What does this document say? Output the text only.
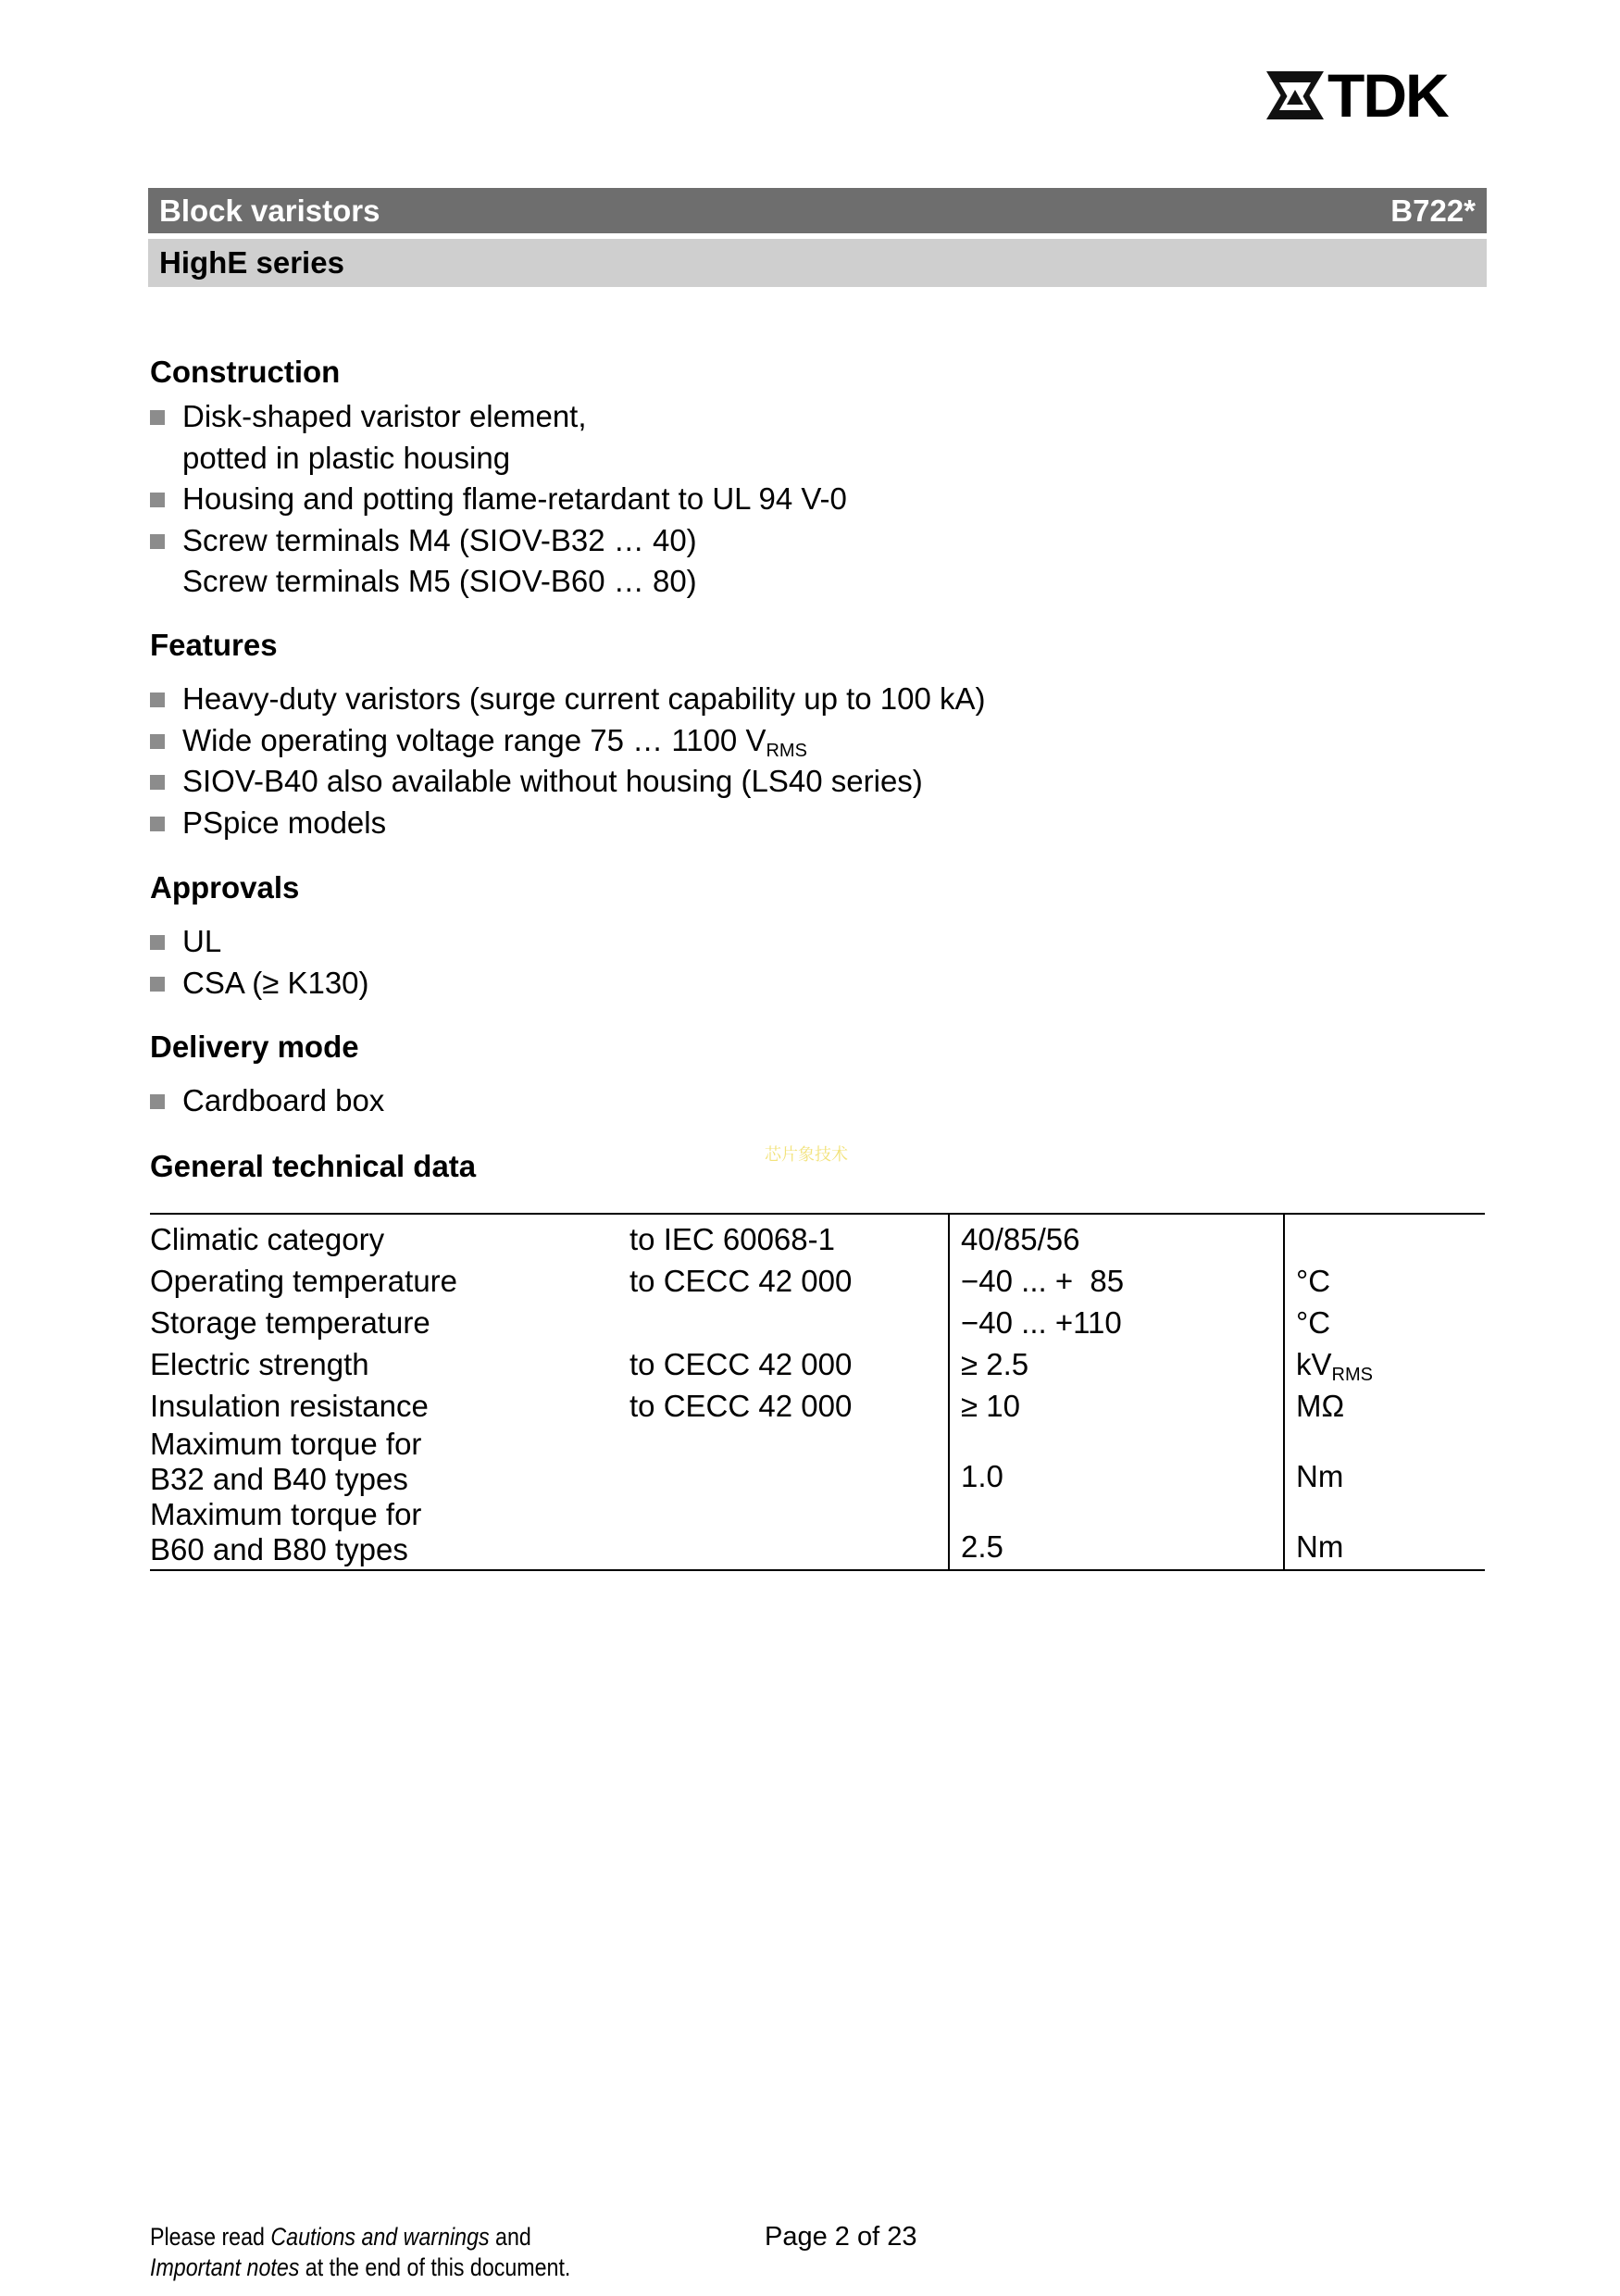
TDK
Block varistors	B722*
HighE series
Construction
Disk-shaped varistor element,
potted in plastic housing
Housing and potting flame-retardant to UL 94 V-0
Screw terminals M4 (SIOV-B32 … 40)
Screw terminals M5 (SIOV-B60 … 80)
Features
Heavy-duty varistors (surge current capability up to 100 kA)
Wide operating voltage range 75 … 1100 $V_{RMS}$
SIOV-B40 also available without housing (LS40 series)
PSpice models
Approvals
UL
CSA (≥ K130)
Delivery mode
Cardboard box
General technical data	芯片象技术
Climatic category	to IEC 60068-1	40/85/56	
Operating temperature	to CECC 42 000	−40 ... +  85	°C
Storage temperature		−40 ... +110	°C
Electric strength	to CECC 42 000	≥ 2.5	$kV_{RMS}$
Insulation resistance	to CECC 42 000	≥ 10	MΩ

Maximum torque for
B32 and B40 types		1.0	Nm

Maximum torque for
B60 and B80 types		2.5	Nm
Please read Cautions and warnings and
Important notes at the end of this document.
Page 2 of 23
